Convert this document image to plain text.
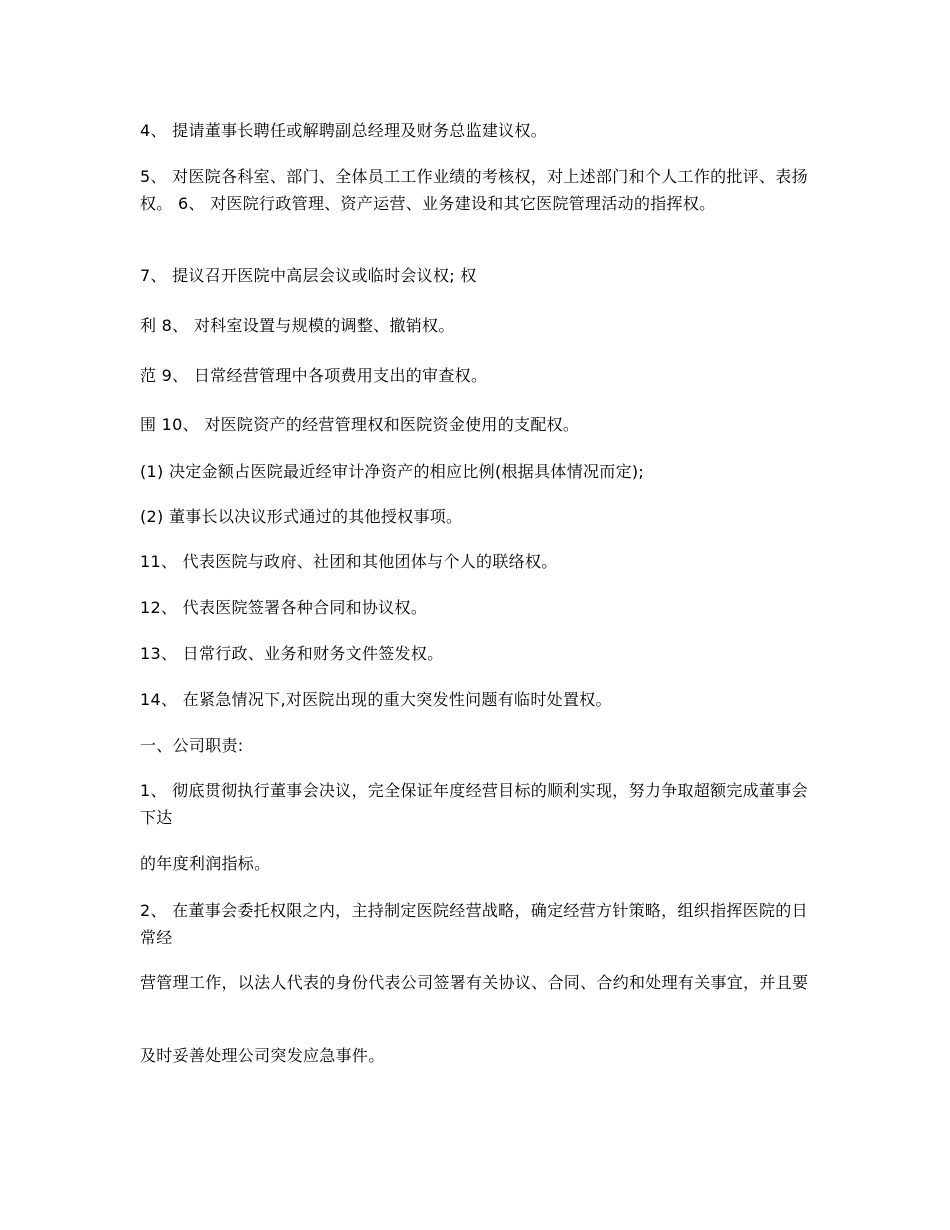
4、 提请董事长聘任或解聘副总经理及财务总监建议权。

5、 对医院各科室、部门、全体员工工作业绩的考核权，对上述部门和个人工作的批评、表扬权。 6、 对医院行政管理、资产运营、业务建设和其它医院管理活动的指挥权。

7、 提议召开医院中高层会议或临时会议权; 权

利 8、 对科室设置与规模的调整、撤销权。

范 9、 日常经营管理中各项费用支出的审查权。

围 10、 对医院资产的经营管理权和医院资金使用的支配权。

(1) 决定金额占医院最近经审计净资产的相应比例(根据具体情况而定);

(2) 董事长以决议形式通过的其他授权事项。

11、 代表医院与政府、社团和其他团体与个人的联络权。

12、 代表医院签署各种合同和协议权。

13、 日常行政、业务和财务文件签发权。

14、 在紧急情况下,对医院出现的重大突发性问题有临时处置权。

一、公司职责:

1、 彻底贯彻执行董事会决议，完全保证年度经营目标的顺利实现，努力争取超额完成董事会下达

的年度利润指标。

2、 在董事会委托权限之内，主持制定医院经营战略，确定经营方针策略，组织指挥医院的日常经

营管理工作，以法人代表的身份代表公司签署有关协议、合同、合约和处理有关事宜，并且要

及时妥善处理公司突发应急事件。
